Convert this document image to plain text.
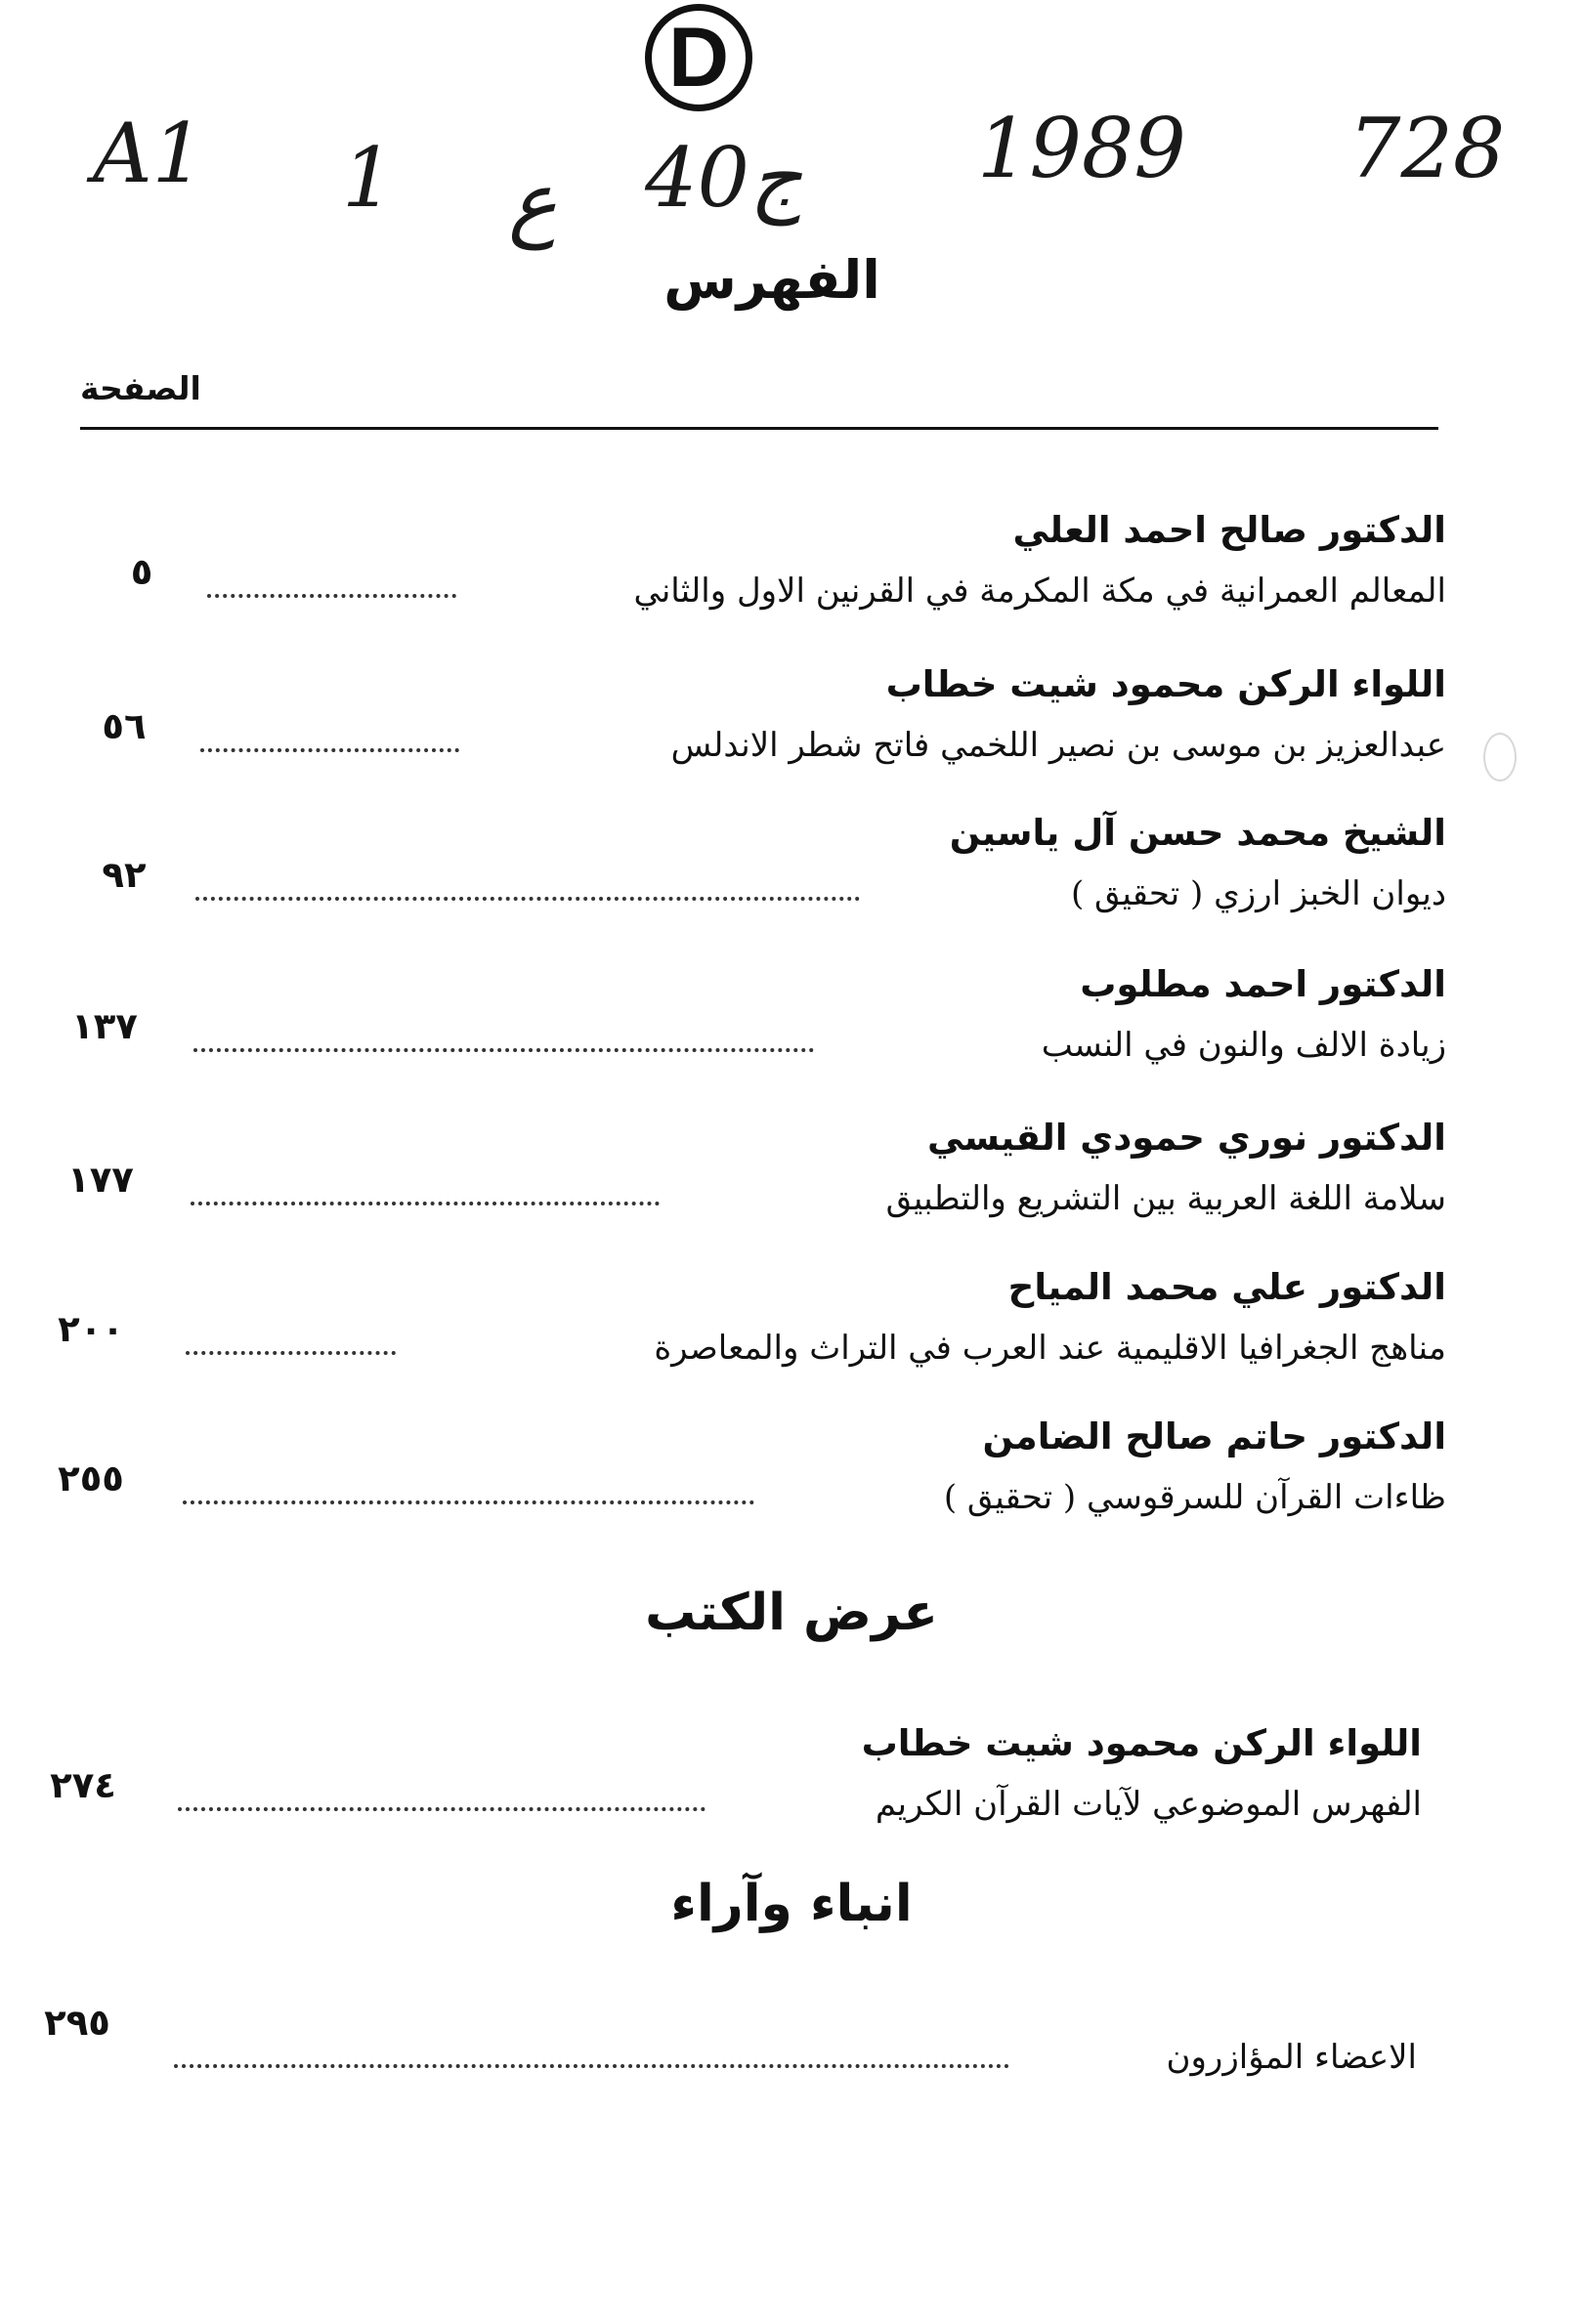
D
A1 1 ع 40ج 1989 728
الفهرس
الصفحة
الدكتور صالح احمد العلي
المعالم العمرانية في مكة المكرمة في القرنين الاول والثاني
٥
اللواء الركن محمود شيت خطاب
عبدالعزيز بن موسى بن نصير اللخمي فاتح شطر الاندلس
٥٦
الشيخ محمد حسن آل ياسين
ديوان الخبز ارزي ( تحقيق )
٩٢
الدكتور احمد مطلوب
زيادة الالف والنون في النسب
١٣٧
الدكتور نوري حمودي القيسي
سلامة اللغة العربية بين التشريع والتطبيق
١٧٧
الدكتور علي محمد المياح
مناهج الجغرافيا الاقليمية عند العرب في التراث والمعاصرة
٢٠٠
الدكتور حاتم صالح الضامن
ظاءات القرآن للسرقوسي ( تحقيق )
٢٥٥
عرض الكتب
اللواء الركن محمود شيت خطاب
الفهرس الموضوعي لآيات القرآن الكريم
٢٧٤
انباء وآراء
الاعضاء المؤازرون
٢٩٥
